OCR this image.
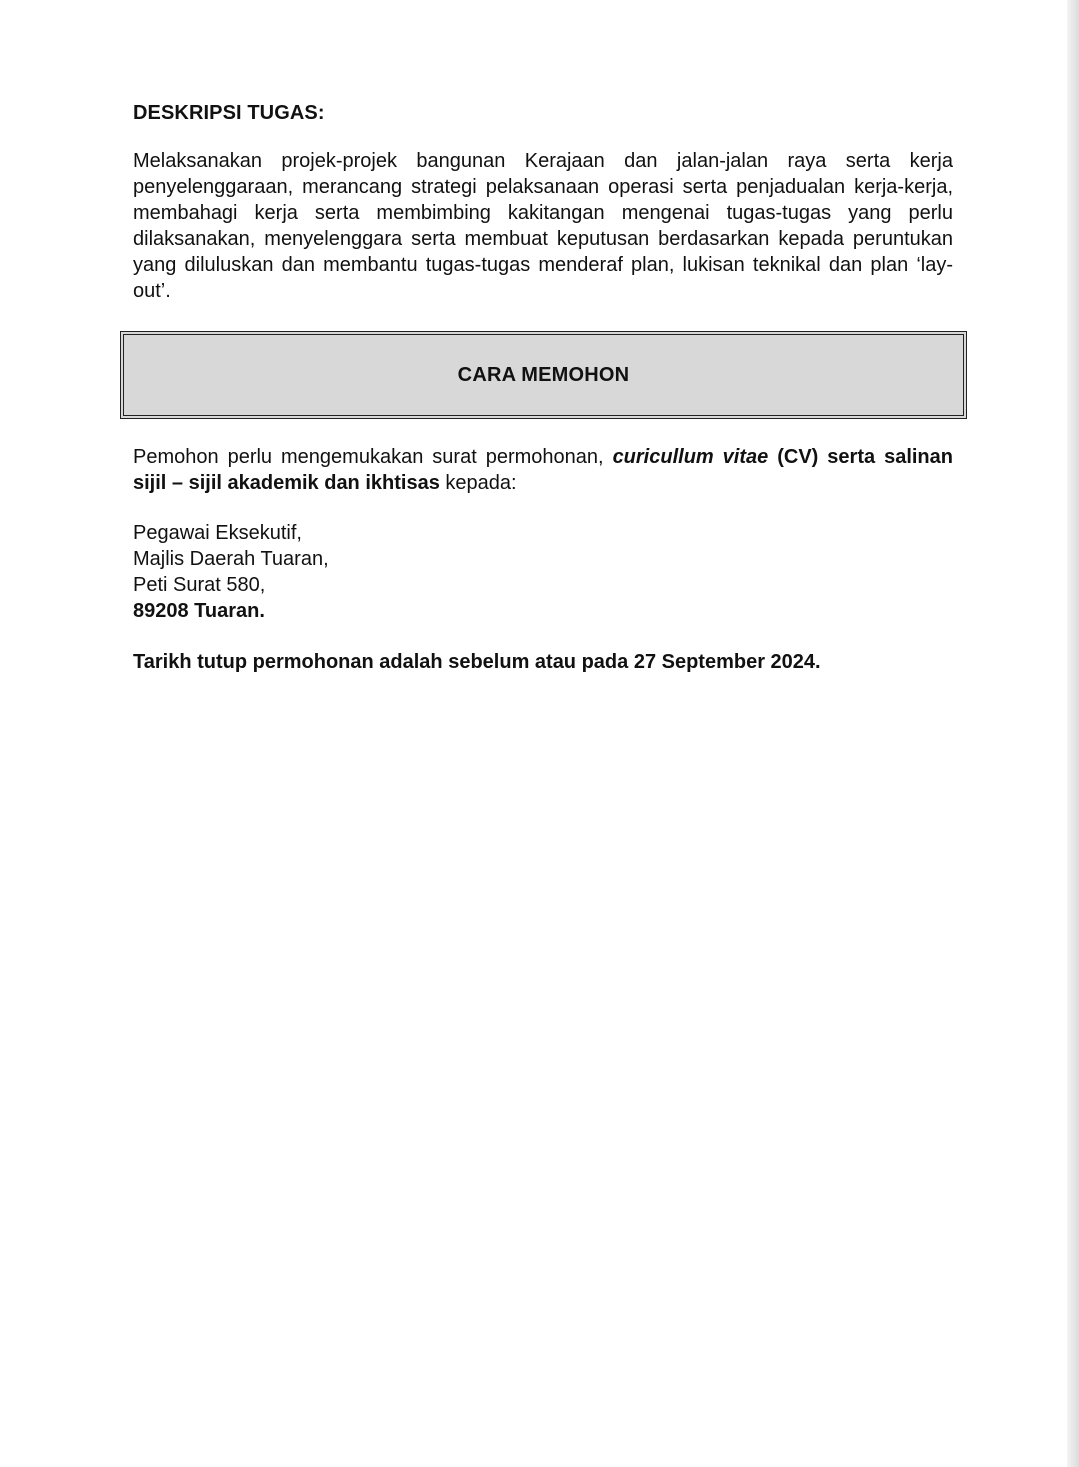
DESKRIPSI TUGAS:

Melaksanakan projek-projek bangunan Kerajaan dan jalan-jalan raya serta kerja penyelenggaraan, merancang strategi pelaksanaan operasi serta penjadualan kerja-kerja, membahagi kerja serta membimbing kakitangan mengenai tugas-tugas yang perlu dilaksanakan, menyelenggara serta membuat keputusan berdasarkan kepada peruntukan yang diluluskan dan membantu tugas-tugas menderaf plan, lukisan teknikal dan plan ‘lay-out’.

CARA MEMOHON

Pemohon perlu mengemukakan surat permohonan, curicullum vitae (CV) serta salinan sijil – sijil akademik dan ikhtisas kepada:

Pegawai Eksekutif,
Majlis Daerah Tuaran,
Peti Surat 580,
89208 Tuaran.

Tarikh tutup permohonan adalah sebelum atau pada 27 September 2024.
